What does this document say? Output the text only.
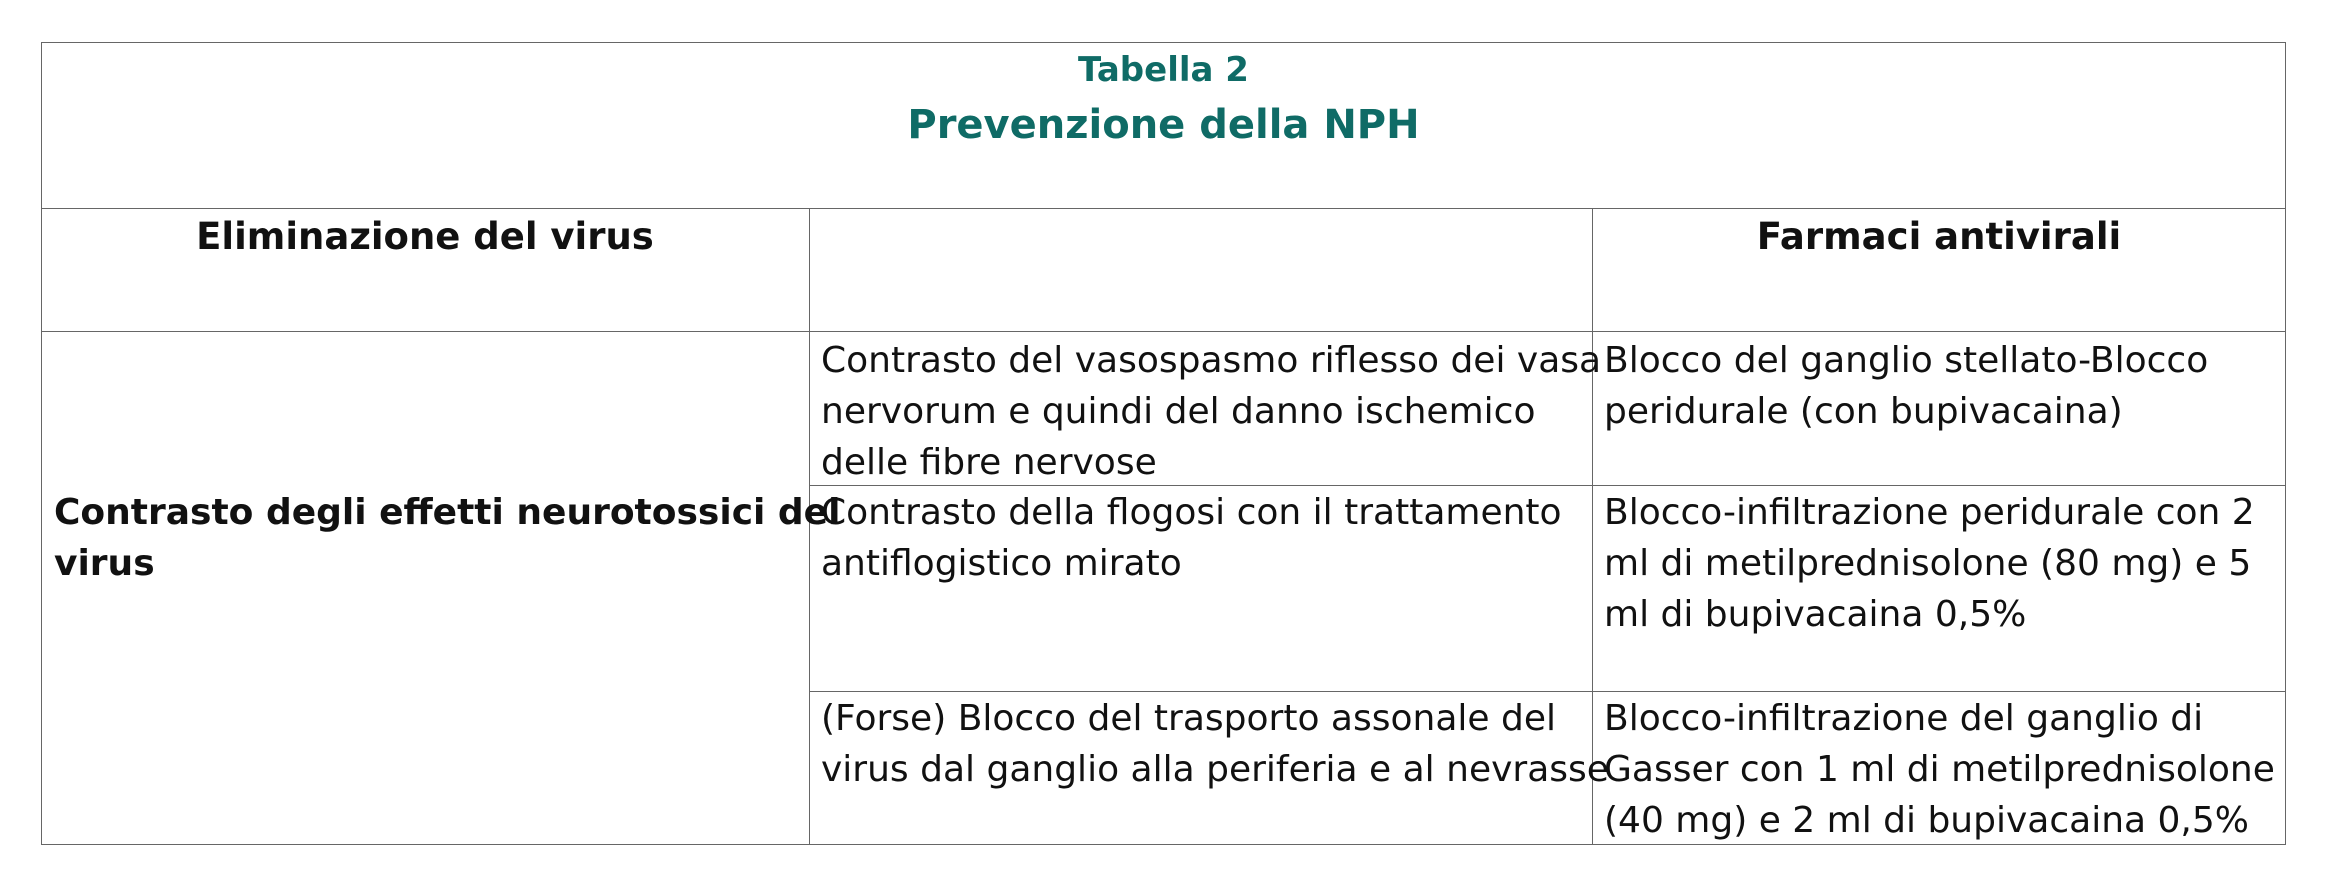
Tabella 2
Prevenzione della NPH
Eliminazione del virus	Farmaci antivirali
Contrasto degli effetti neurotossici del
virus
Contrasto del vasospasmo riflesso dei vasa
nervorum e quindi del danno ischemico
delle fibre nervose
Blocco del ganglio stellato-Blocco
peridurale (con bupivacaina)
Contrasto della flogosi con il trattamento
antiflogistico mirato
Blocco-infiltrazione peridurale con 2
ml di metilprednisolone (80 mg) e 5
ml di bupivacaina 0,5%
(Forse) Blocco del trasporto assonale del
virus dal ganglio alla periferia e al nevrasse
Blocco-infiltrazione del ganglio di
Gasser con 1 ml di metilprednisolone
(40 mg) e 2 ml di bupivacaina 0,5%
